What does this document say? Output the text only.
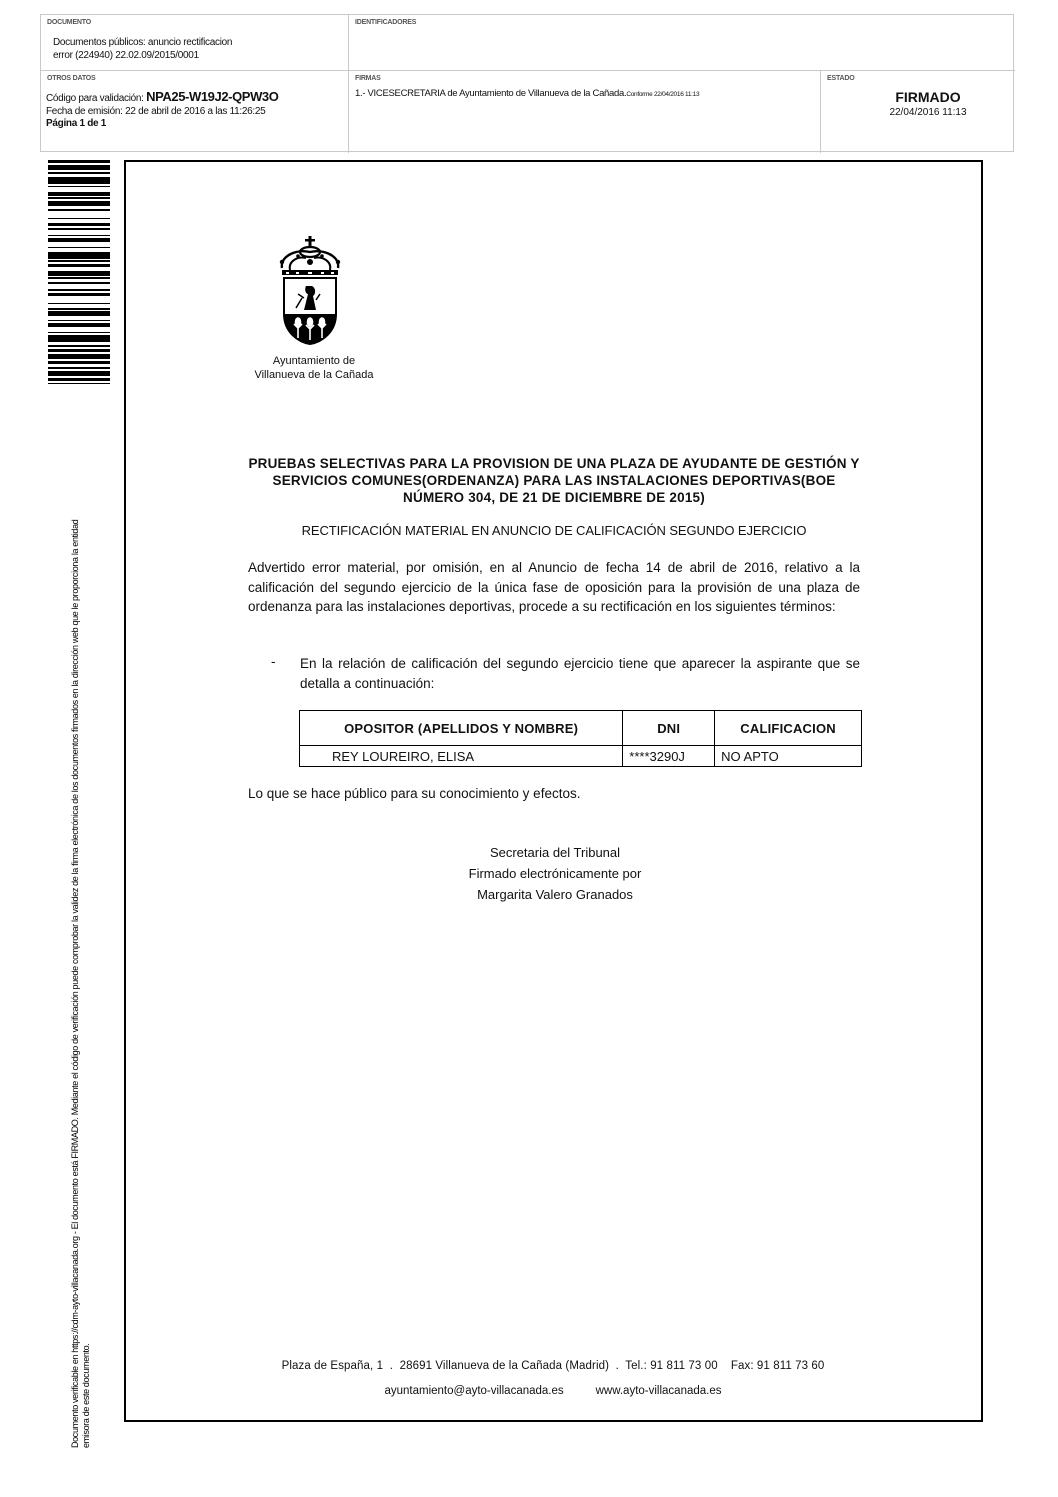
DOCUMENTO
Documentos públicos: anuncio rectificacion
error (224940) 22.02.09/2015/0001
IDENTIFICADORES
OTROS DATOS
Código para validación: NPA25-W19J2-QPW3O
Fecha de emisión: 22 de abril de 2016 a las 11:26:25
Página 1 de 1
FIRMAS
1.- VICESECRETARIA de Ayuntamiento de Villanueva de la Cañada.Conforme 22/04/2016 11:13
ESTADO
FIRMADO
22/04/2016 11:13
Documento verificable en https://cdm-ayto-villacanada.org - El documento está FIRMADO. Mediante el código de verificación puede comprobar la validez de la firma electrónica de los documentos firmados en la dirección web que le proporciona la entidad emisora de este documento.
Ayuntamiento de
Villanueva de la Cañada
PRUEBAS SELECTIVAS PARA LA PROVISION DE UNA PLAZA DE AYUDANTE DE GESTIÓN Y SERVICIOS COMUNES(ORDENANZA) PARA LAS INSTALACIONES DEPORTIVAS(BOE NÚMERO 304, DE 21 DE DICIEMBRE DE 2015)
RECTIFICACIÓN MATERIAL EN ANUNCIO DE CALIFICACIÓN SEGUNDO EJERCICIO
Advertido error material, por omisión, en al Anuncio de fecha 14 de abril de 2016, relativo a la calificación del segundo ejercicio de la única fase de oposición para la provisión de una plaza de ordenanza para las instalaciones deportivas, procede a su rectificación en los siguientes términos:
- En la relación de calificación del segundo ejercicio tiene que aparecer la aspirante que se detalla a continuación:
OPOSITOR (APELLIDOS Y NOMBRE)	DNI	CALIFICACION
REY LOUREIRO, ELISA	****3290J	NO APTO
Lo que se hace público para su conocimiento y efectos.
Secretaria del Tribunal
Firmado electrónicamente por
Margarita Valero Granados
Plaza de España, 1  .  28691 Villanueva de la Cañada (Madrid)  .  Tel.: 91 811 73 00    Fax: 91 811 73 60
ayuntamiento@ayto-villacanada.es          www.ayto-villacanada.es
